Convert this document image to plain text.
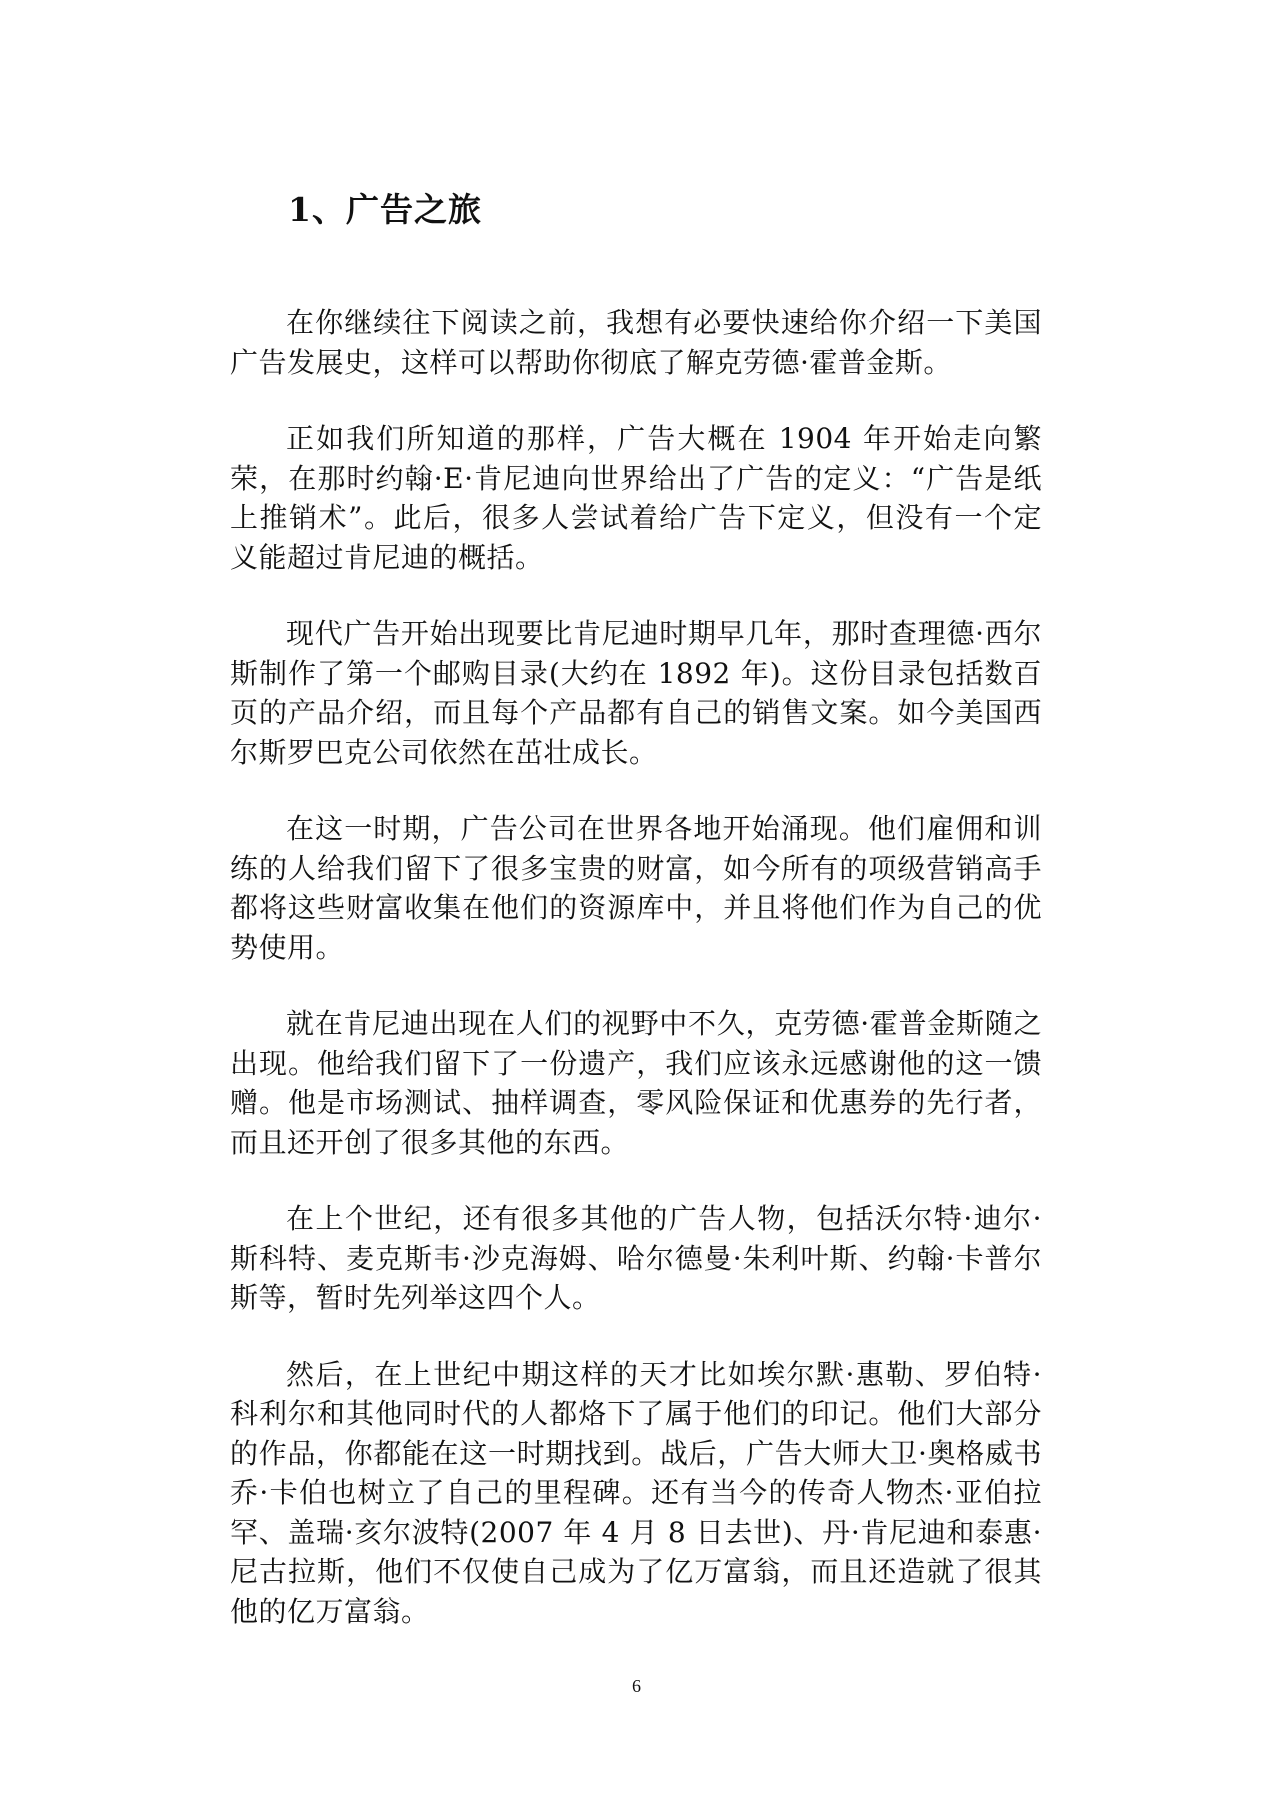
1、广告之旅

在你继续往下阅读之前，我想有必要快速给你介绍一下美国广告发展史，这样可以帮助你彻底了解克劳德·霍普金斯。

正如我们所知道的那样，广告大概在 1904 年开始走向繁荣，在那时约翰·E·肯尼迪向世界给出了广告的定义：“广告是纸上推销术”。此后，很多人尝试着给广告下定义，但没有一个定义能超过肯尼迪的概括。

现代广告开始出现要比肯尼迪时期早几年，那时查理德·西尔斯制作了第一个邮购目录(大约在 1892 年)。这份目录包括数百页的产品介绍，而且每个产品都有自己的销售文案。如今美国西尔斯罗巴克公司依然在茁壮成长。

在这一时期，广告公司在世界各地开始涌现。他们雇佣和训练的人给我们留下了很多宝贵的财富，如今所有的项级营销高手都将这些财富收集在他们的资源库中，并且将他们作为自己的优势使用。

就在肯尼迪出现在人们的视野中不久，克劳德·霍普金斯随之出现。他给我们留下了一份遗产，我们应该永远感谢他的这一馈赠。他是市场测试、抽样调查，零风险保证和优惠券的先行者，而且还开创了很多其他的东西。

在上个世纪，还有很多其他的广告人物，包括沃尔特·迪尔·斯科特、麦克斯韦·沙克海姆、哈尔德曼·朱利叶斯、约翰·卡普尔斯等，暂时先列举这四个人。

然后，在上世纪中期这样的天才比如埃尔默·惠勒、罗伯特·科利尔和其他同时代的人都烙下了属于他们的印记。他们大部分的作品，你都能在这一时期找到。战后，广告大师大卫·奥格威书乔·卡伯也树立了自己的里程碑。还有当今的传奇人物杰·亚伯拉罕、盖瑞·亥尔波特(2007 年 4 月 8 日去世)、丹·肯尼迪和泰惠·尼古拉斯，他们不仅使自己成为了亿万富翁，而且还造就了很其他的亿万富翁。

6
